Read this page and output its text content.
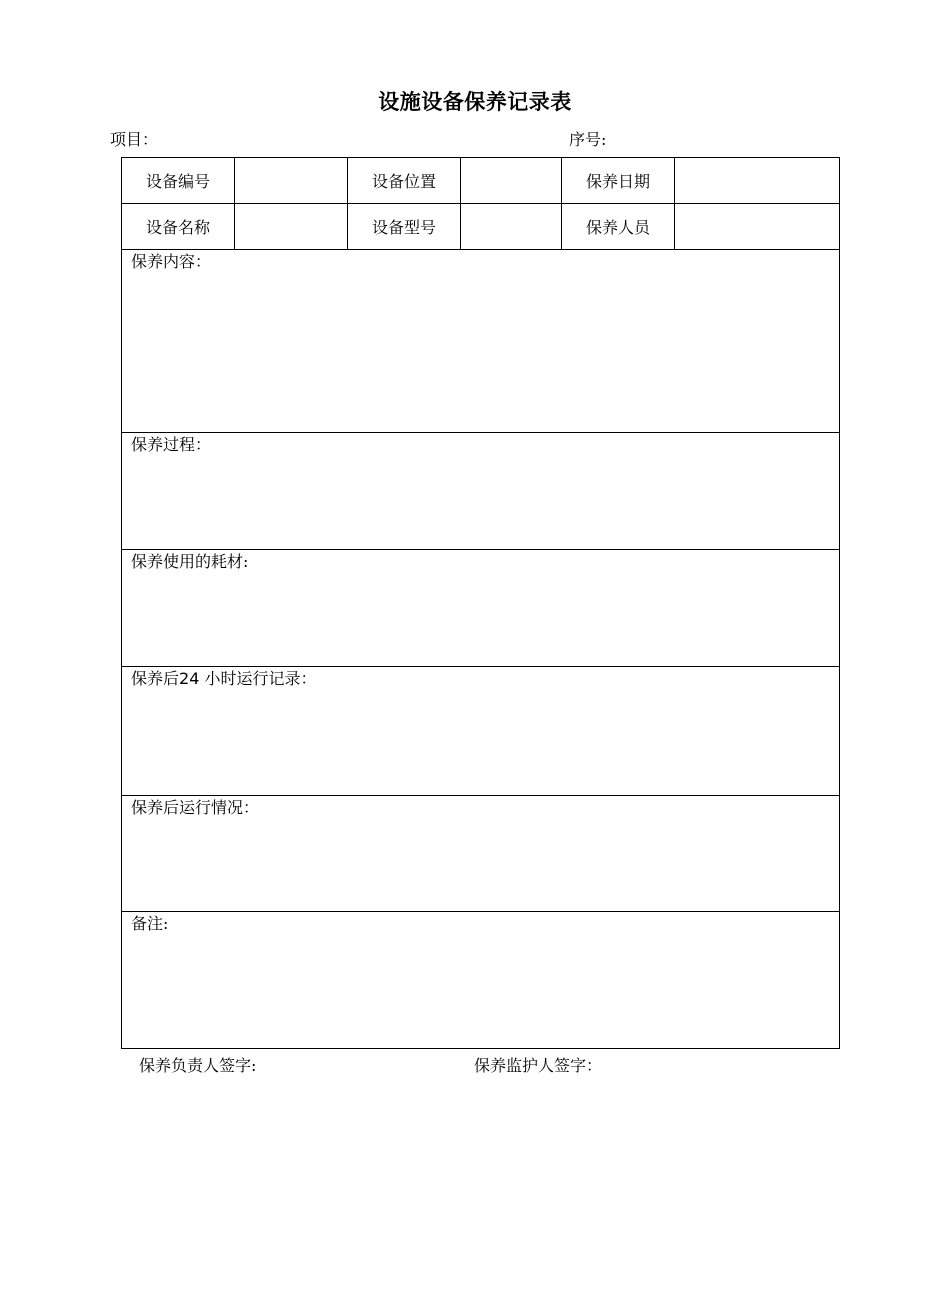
设施设备保养记录表
项目：	序号:
设备编号		设备位置		保养日期	
设备名称		设备型号		保养人员	
保养内容：					
保养过程：					
保养使用的耗材:					
保养后24 小时运行记录：					
保养后运行情况：					
备注:					
保养负责人签字:	保养监护人签字：
